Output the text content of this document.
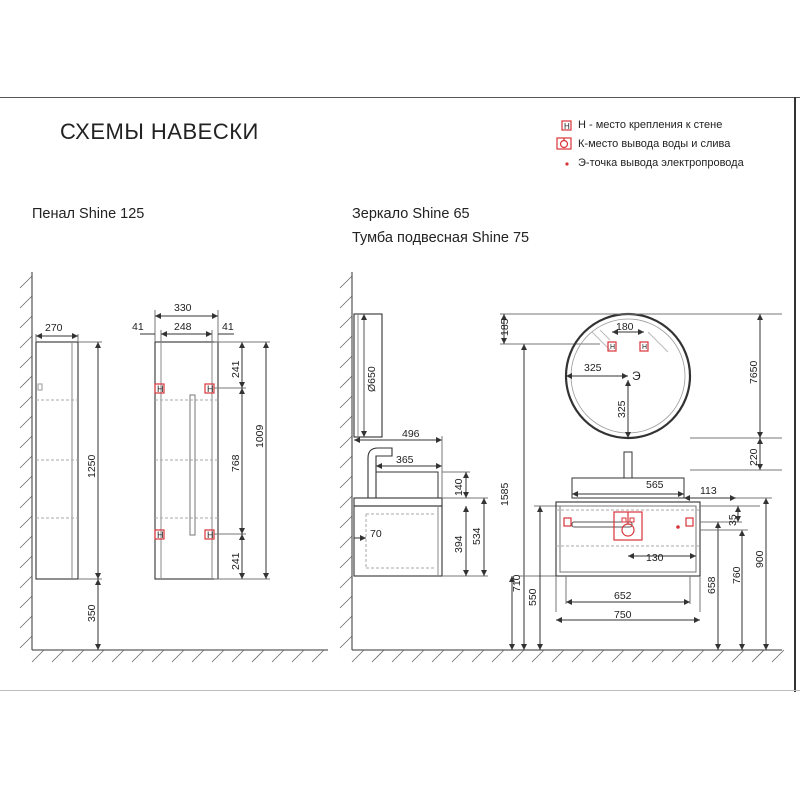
СХЕМЫ НАВЕСКИ	H Н - место крепления к стене
К-место вывода воды и слива
Э-точка вывода электропровода
Пенал Shine 125	Зеркало Shine 65
Тумба подвесная Shine 75
270
1250
350
330
41	248	41
H	H
H	H
241
768
241
1009
Ø650
496
365
140
394 534
70
185
1585
710
550
180
325
325
Э
H	H
7650
220
565	113
35
130
652
750
658
760
900
